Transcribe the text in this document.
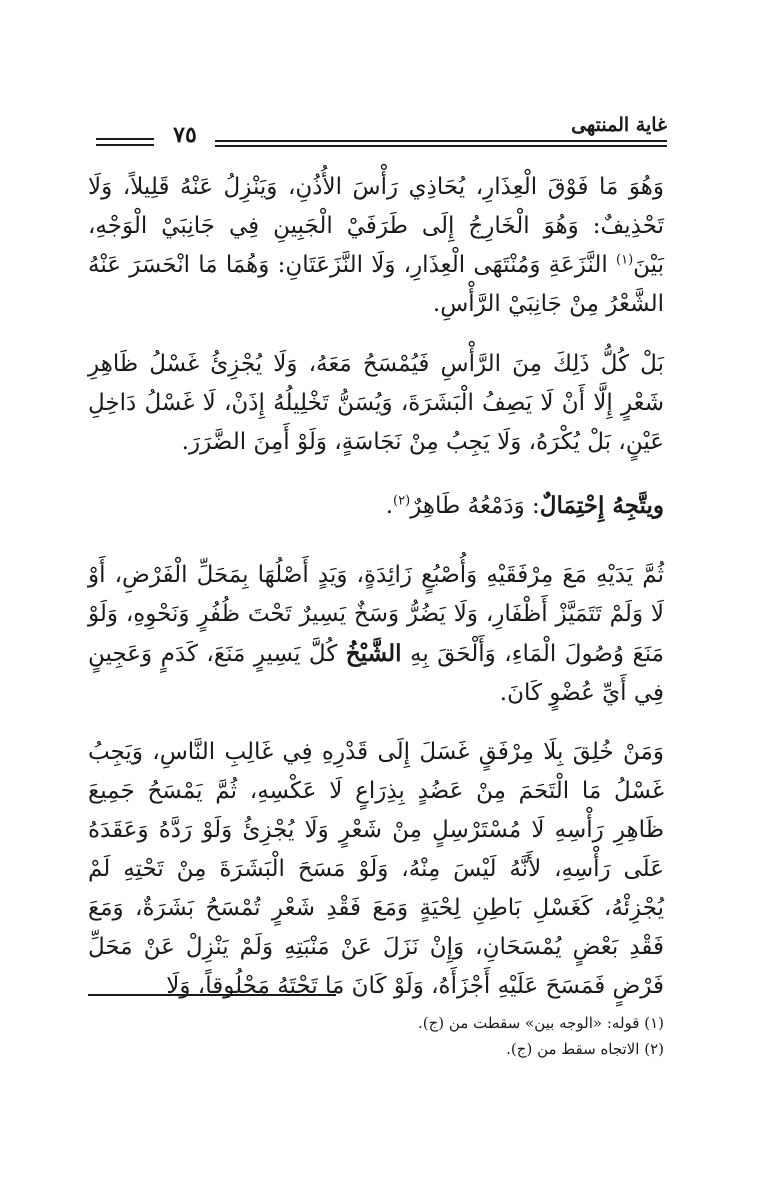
غاية المنتهى
٧٥

وَهُوَ مَا فَوْقَ الْعِذَارِ، يُحَاذِي رَأْسَ الأُذُنِ، وَيَنْزِلُ عَنْهُ قَلِيلاً، وَلَا تَحْذِيفٌ: وَهُوَ الْخَارِجُ إِلَى طَرَفَيْ الْجَبِينِ فِي جَانِبَيْ الْوَجْهِ، بَيْنَ$^{(١)}$ النَّزَعَةِ وَمُنْتَهَى الْعِذَارِ، وَلَا النَّزَعَتَانِ: وَهُمَا مَا انْحَسَرَ عَنْهُ الشَّعْرُ مِنْ جَانِبَيْ الرَّأْسِ.

بَلْ كُلُّ ذَلِكَ مِنَ الرَّأْسِ فَيُمْسَحُ مَعَهُ، وَلَا يُجْزِئُ غَسْلُ ظَاهِرِ شَعْرٍ إِلَّا أَنْ لَا يَصِفُ الْبَشَرَةَ، وَيُسَنُّ تَخْلِيلُهُ إِذَنْ، لَا غَسْلُ دَاخِلِ عَيْنٍ، بَلْ يُكْرَهُ، وَلَا يَجِبُ مِنْ نَجَاسَةٍ، وَلَوْ أَمِنَ الضَّرَرَ.

ويتَّجِهُ إِحْتِمَالٌ: وَدَمْعُهُ طَاهِرٌ$^{(٢)}$.

ثُمَّ يَدَيْهِ مَعَ مِرْفَقَيْهِ وَأُصْبُعٍ زَائِدَةٍ، وَيَدٍ أَصْلُهَا بِمَحَلِّ الْفَرْضِ، أَوْ لَا وَلَمْ تَتَمَيَّزْ أَظْفَارِ، وَلَا يَضُرُّ وَسَخٌ يَسِيرٌ تَحْتَ ظُفُرٍ وَنَحْوِهِ، وَلَوْ مَنَعَ وُصُولَ الْمَاءِ، وَأَلْحَقَ بِهِ الشَّيْخُ كُلَّ يَسِيرٍ مَنَعَ، كَدَمٍ وَعَجِينٍ فِي أَيِّ عُضْوٍ كَانَ.

وَمَنْ خُلِقَ بِلَا مِرْفَقٍ غَسَلَ إِلَى قَدْرِهِ فِي غَالِبِ النَّاسِ، وَيَجِبُ غَسْلُ مَا الْتَحَمَ مِنْ عَضُدٍ بِذِرَاعٍ لَا عَكْسِهِ، ثُمَّ يَمْسَحُ جَمِيعَ ظَاهِرِ رَأْسِهِ لَا مُسْتَرْسِلٍ مِنْ شَعْرٍ وَلَا يُجْزِئُ وَلَوْ رَدَّهُ وَعَقَدَهُ عَلَى رَأْسِهِ، لأَنَّهُ لَيْسَ مِنْهُ، وَلَوْ مَسَحَ الْبَشَرَةَ مِنْ تَحْتِهِ لَمْ يُجْزِئْهُ، كَغَسْلِ بَاطِنِ لِحْيَةٍ وَمَعَ فَقْدِ شَعْرٍ تُمْسَحُ بَشَرَةٌ، وَمَعَ فَقْدِ بَعْضٍ يُمْسَحَانِ، وَإِنْ نَزَلَ عَنْ مَنْبَتِهِ وَلَمْ يَنْزِلْ عَنْ مَحَلِّ فَرْضٍ فَمَسَحَ عَلَيْهِ أَجْزَأَهُ، وَلَوْ كَانَ مَا تَحْتَهُ مَحْلُوقاً، وَلَا

(١) قوله: «الوجه بين» سقطت من (ج).
(٢) الاتجاه سقط من (ج).
